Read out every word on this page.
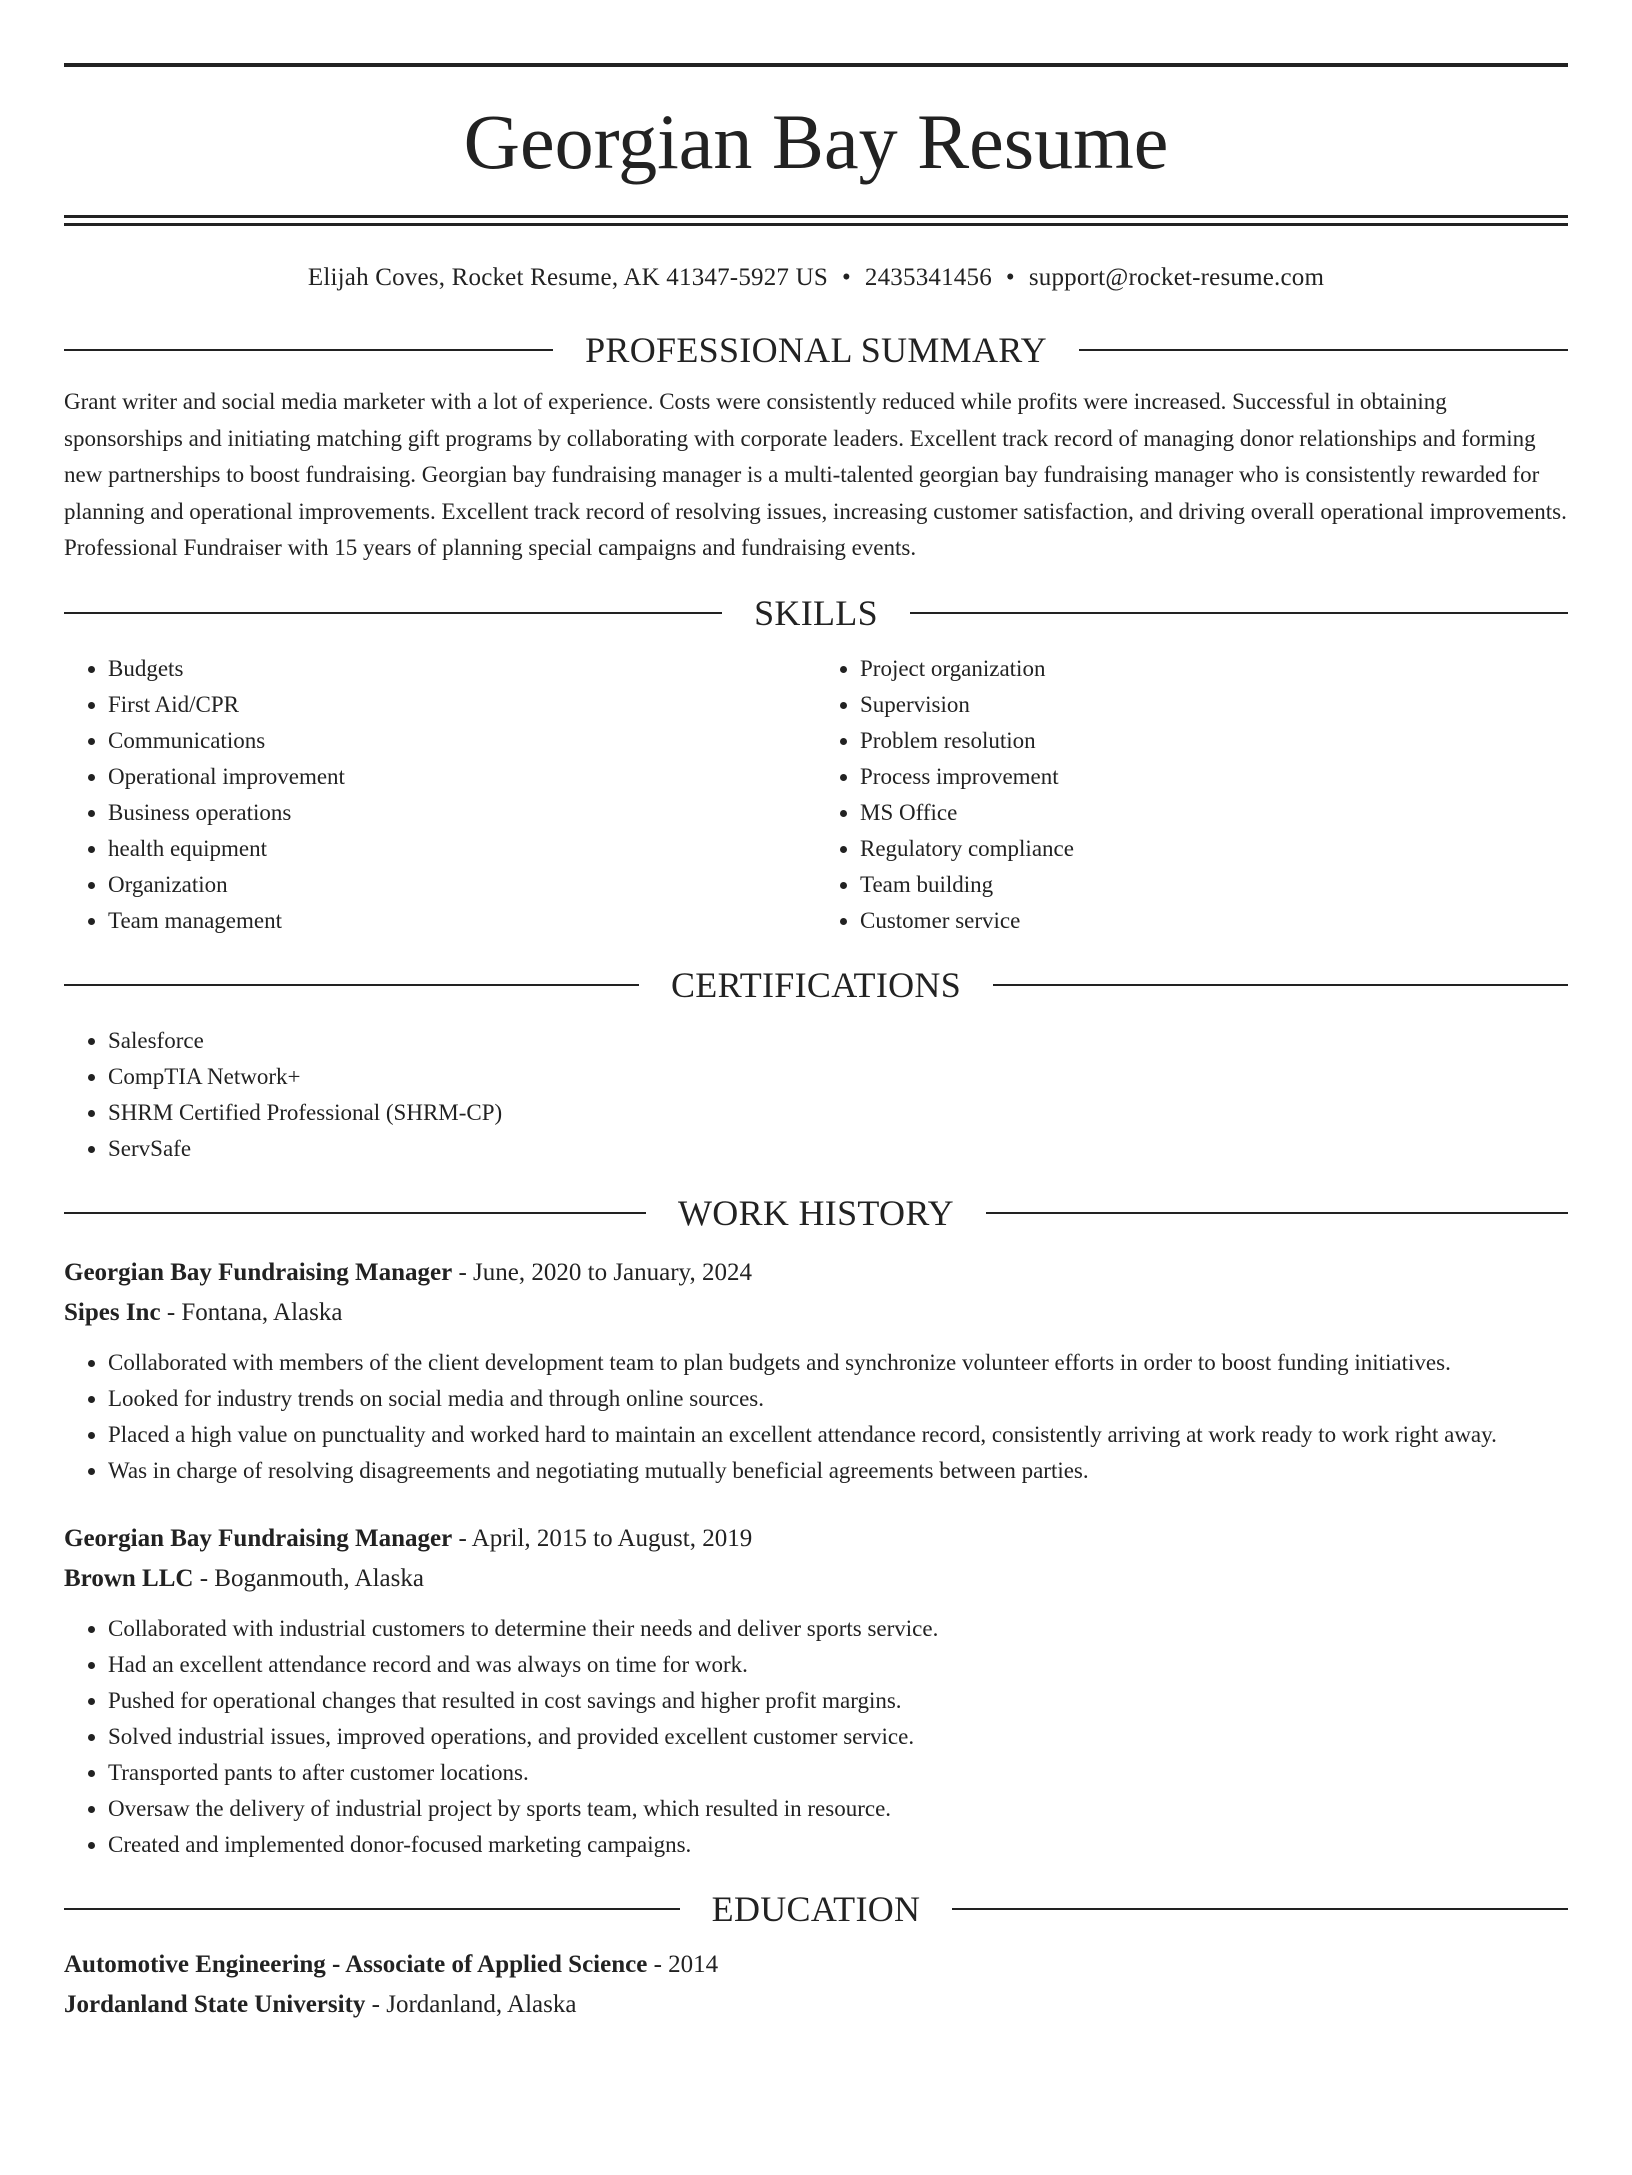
Georgian Bay Resume
Elijah Coves, Rocket Resume, AK 41347-5927 US • 2435341456 • support@rocket-resume.com
PROFESSIONAL SUMMARY

Grant writer and social media marketer with a lot of experience. Costs were consistently reduced while profits were increased. Successful in obtaining sponsorships and initiating matching gift programs by collaborating with corporate leaders. Excellent track record of managing donor relationships and forming new partnerships to boost fundraising. Georgian bay fundraising manager is a multi-talented georgian bay fundraising manager who is consistently rewarded for planning and operational improvements. Excellent track record of resolving issues, increasing customer satisfaction, and driving overall operational improvements. Professional Fundraiser with 15 years of planning special campaigns and fundraising events.

SKILLS
• Budgets
• First Aid/CPR
• Communications
• Operational improvement
• Business operations
• health equipment
• Organization
• Team management
• Project organization
• Supervision
• Problem resolution
• Process improvement
• MS Office
• Regulatory compliance
• Team building
• Customer service
CERTIFICATIONS
• Salesforce
• CompTIA Network+
• SHRM Certified Professional (SHRM-CP)
• ServSafe
WORK HISTORY
Georgian Bay Fundraising Manager - June, 2020 to January, 2024
Sipes Inc - Fontana, Alaska
• Collaborated with members of the client development team to plan budgets and synchronize volunteer efforts in order to boost funding initiatives.
• Looked for industry trends on social media and through online sources.
• Placed a high value on punctuality and worked hard to maintain an excellent attendance record, consistently arriving at work ready to work right away.
• Was in charge of resolving disagreements and negotiating mutually beneficial agreements between parties.
Georgian Bay Fundraising Manager - April, 2015 to August, 2019
Brown LLC - Boganmouth, Alaska
• Collaborated with industrial customers to determine their needs and deliver sports service.
• Had an excellent attendance record and was always on time for work.
• Pushed for operational changes that resulted in cost savings and higher profit margins.
• Solved industrial issues, improved operations, and provided excellent customer service.
• Transported pants to after customer locations.
• Oversaw the delivery of industrial project by sports team, which resulted in resource.
• Created and implemented donor-focused marketing campaigns.
EDUCATION
Automotive Engineering - Associate of Applied Science - 2014
Jordanland State University - Jordanland, Alaska
